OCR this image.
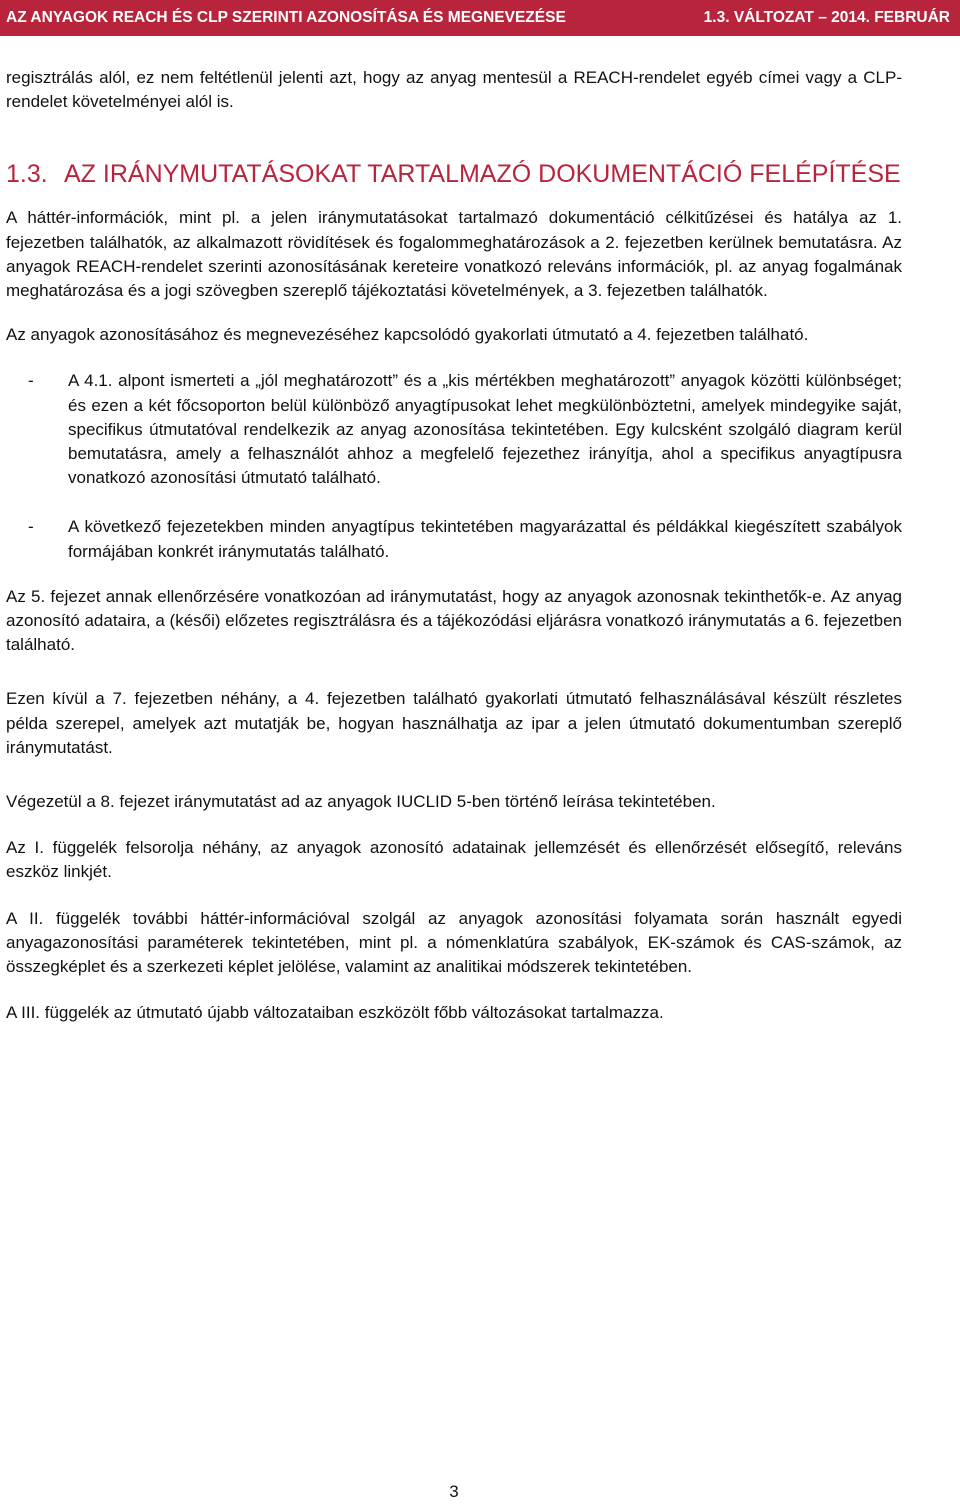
AZ ANYAGOK REACH ÉS CLP SZERINTI AZONOSÍTÁSA ÉS MEGNEVEZÉSE	1.3. VÁLTOZAT – 2014. FEBRUÁR

regisztrálás alól, ez nem feltétlenül jelenti azt, hogy az anyag mentesül a REACH-rendelet egyéb címei vagy a CLP-rendelet követelményei alól is.

1.3. AZ IRÁNYMUTATÁSOKAT TARTALMAZÓ DOKUMENTÁCIÓ FELÉPÍTÉSE

A háttér-információk, mint pl. a jelen iránymutatásokat tartalmazó dokumentáció célkitűzései és hatálya az 1. fejezetben találhatók, az alkalmazott rövidítések és fogalommeghatározások a 2. fejezetben kerülnek bemutatásra. Az anyagok REACH-rendelet szerinti azonosításának kereteire vonatkozó releváns információk, pl. az anyag fogalmának meghatározása és a jogi szövegben szereplő tájékoztatási követelmények, a 3. fejezetben találhatók.

Az anyagok azonosításához és megnevezéséhez kapcsolódó gyakorlati útmutató a 4. fejezetben található.

-	A 4.1. alpont ismerteti a „jól meghatározott” és a „kis mértékben meghatározott” anyagok közötti különbséget; és ezen a két főcsoporton belül különböző anyagtípusokat lehet megkülönböztetni, amelyek mindegyike saját, specifikus útmutatóval rendelkezik az anyag azonosítása tekintetében. Egy kulcsként szolgáló diagram kerül bemutatásra, amely a felhasználót ahhoz a megfelelő fejezethez irányítja, ahol a specifikus anyagtípusra vonatkozó azonosítási útmutató található.
-	A következő fejezetekben minden anyagtípus tekintetében magyarázattal és példákkal kiegészített szabályok formájában konkrét iránymutatás található.

Az 5. fejezet annak ellenőrzésére vonatkozóan ad iránymutatást, hogy az anyagok azonosnak tekinthetők-e. Az anyag azonosító adataira, a (késői) előzetes regisztrálásra és a tájékozódási eljárásra vonatkozó iránymutatás a 6. fejezetben található.

Ezen kívül a 7. fejezetben néhány, a 4. fejezetben található gyakorlati útmutató felhasználásával készült részletes példa szerepel, amelyek azt mutatják be, hogyan használhatja az ipar a jelen útmutató dokumentumban szereplő iránymutatást.

Végezetül a 8. fejezet iránymutatást ad az anyagok IUCLID 5-ben történő leírása tekintetében.

Az I. függelék felsorolja néhány, az anyagok azonosító adatainak jellemzését és ellenőrzését elősegítő, releváns eszköz linkjét.

A II. függelék további háttér-információval szolgál az anyagok azonosítási folyamata során használt egyedi anyagazonosítási paraméterek tekintetében, mint pl. a nómenklatúra szabályok, EK-számok és CAS-számok, az összegképlet és a szerkezeti képlet jelölése, valamint az analitikai módszerek tekintetében.

A III. függelék az útmutató újabb változataiban eszközölt főbb változásokat tartalmazza.

3
